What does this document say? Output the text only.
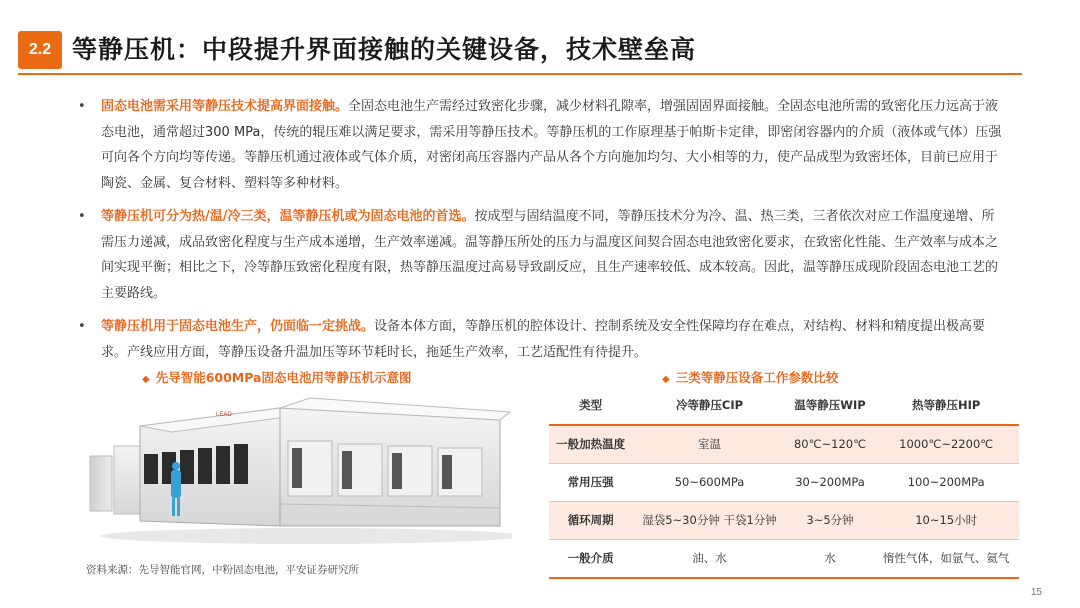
2.2 等静压机：中段提升界面接触的关键设备，技术壁垒高
• 固态电池需采用等静压技术提高界面接触。全固态电池生产需经过致密化步骤，减少材料孔隙率，增强固固界面接触。全固态电池所需的致密化压力远高于液态电池，通常超过300 MPa，传统的辊压难以满足要求，需采用等静压技术。等静压机的工作原理基于帕斯卡定律，即密闭容器内的介质（液体或气体）压强可向各个方向均等传递。等静压机通过液体或气体介质，对密闭高压容器内产品从各个方向施加均匀、大小相等的力，使产品成型为致密坯体，目前已应用于陶瓷、金属、复合材料、塑料等多种材料。
• 等静压机可分为热/温/冷三类，温等静压机或为固态电池的首选。按成型与固结温度不同，等静压技术分为冷、温、热三类，三者依次对应工作温度递增、所需压力递减，成品致密化程度与生产成本递增，生产效率递减。温等静压所处的压力与温度区间契合固态电池致密化要求，在致密化性能、生产效率与成本之间实现平衡；相比之下，冷等静压致密化程度有限，热等静压温度过高易导致副反应，且生产速率较低、成本较高。因此，温等静压成现阶段固态电池工艺的主要路线。
• 等静压机用于固态电池生产，仍面临一定挑战。设备本体方面，等静压机的腔体设计、控制系统及安全性保障均存在难点，对结构、材料和精度提出极高要求。产线应用方面，等静压设备升温加压等环节耗时长，拖延生产效率，工艺适配性有待提升。
◆ 先导智能600MPa固态电池用等静压机示意图	◆ 三类等静压设备工作参数比较
LEAD
类型	冷等静压CIP	温等静压WIP	热等静压HIP
一般加热温度	室温	80℃~120℃	1000℃~2200℃
常用压强	50~600MPa	30~200MPa	100~200MPa
循环周期	湿袋5~30分钟 干袋1分钟	3~5分钟	10~15小时
一般介质	油、水	水	惰性气体，如氩气、氦气
资料来源：先导智能官网，中粉固态电池，平安证券研究所
15
